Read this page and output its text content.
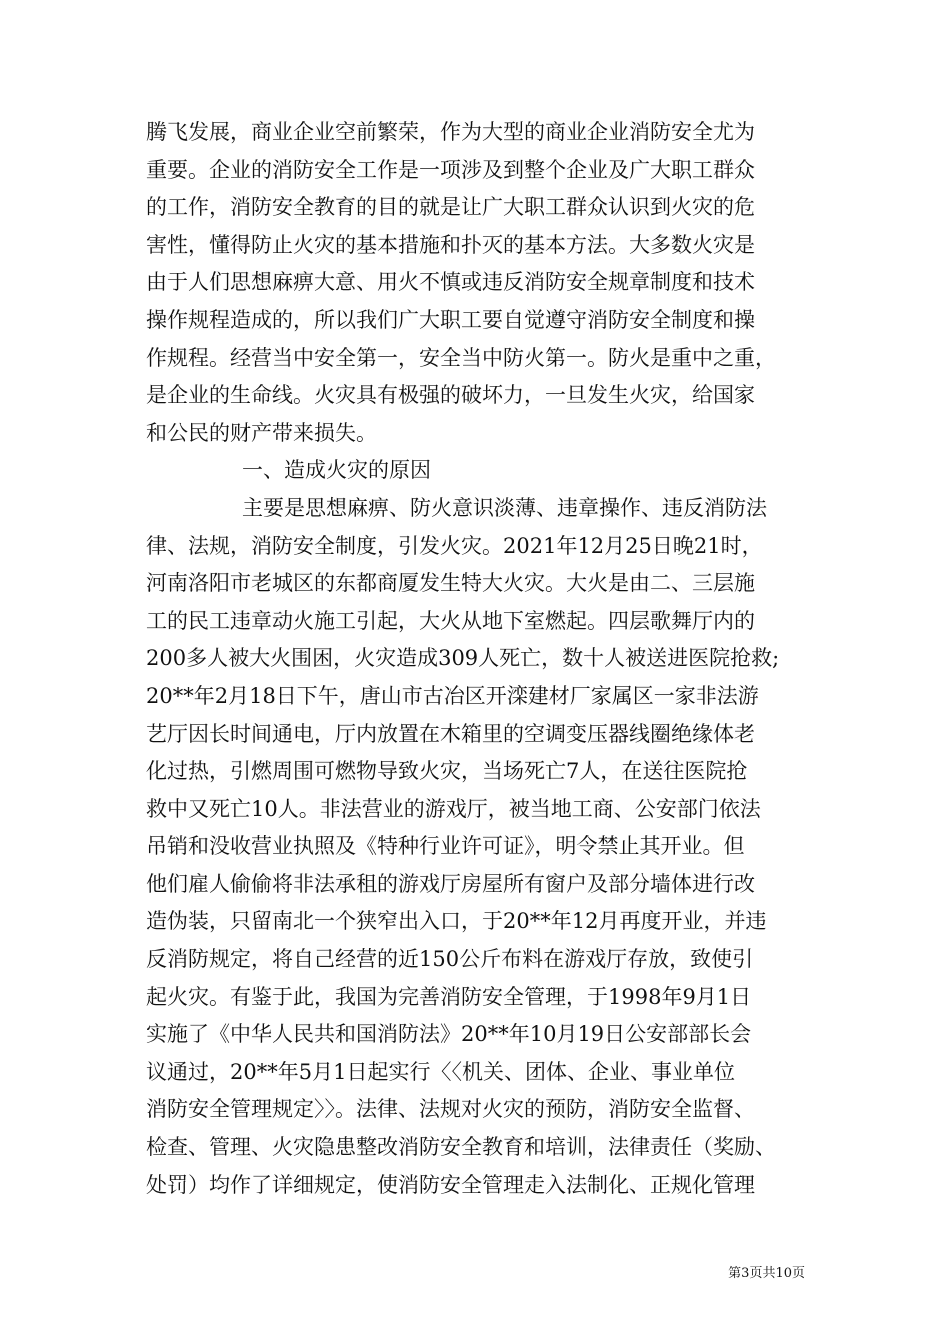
腾飞发展，商业企业空前繁荣，作为大型的商业企业消防安全尤为
重要。企业的消防安全工作是一项涉及到整个企业及广大职工群众
的工作，消防安全教育的目的就是让广大职工群众认识到火灾的危
害性，懂得防止火灾的基本措施和扑灭的基本方法。大多数火灾是
由于人们思想麻痹大意、用火不慎或违反消防安全规章制度和技术
操作规程造成的，所以我们广大职工要自觉遵守消防安全制度和操
作规程。经营当中安全第一，安全当中防火第一。防火是重中之重，
是企业的生命线。火灾具有极强的破坏力，一旦发生火灾，给国家
和公民的财产带来损失。
一、造成火灾的原因
主要是思想麻痹、防火意识淡薄、违章操作、违反消防法
律、法规，消防安全制度，引发火灾。2021年12月25日晚21时，
河南洛阳市老城区的东都商厦发生特大火灾。大火是由二、三层施
工的民工违章动火施工引起，大火从地下室燃起。四层歌舞厅内的
200多人被大火围困，火灾造成309人死亡，数十人被送进医院抢救;
20**年2月18日下午，唐山市古冶区开滦建材厂家属区一家非法游
艺厅因长时间通电，厅内放置在木箱里的空调变压器线圈绝缘体老
化过热，引燃周围可燃物导致火灾，当场死亡7人，在送往医院抢
救中又死亡10人。非法营业的游戏厅，被当地工商、公安部门依法
吊销和没收营业执照及《特种行业许可证》，明令禁止其开业。但
他们雇人偷偷将非法承租的游戏厅房屋所有窗户及部分墙体进行改
造伪装，只留南北一个狭窄出入口，于20**年12月再度开业，并违
反消防规定，将自己经营的近150公斤布料在游戏厅存放，致使引
起火灾。有鉴于此，我国为完善消防安全管理，于1998年9月1日
实施了《中华人民共和国消防法》20**年10月19日公安部部长会
议通过，20**年5月1日起实行〈〈机关、团体、企业、事业单位
消防安全管理规定〉〉。法律、法规对火灾的预防，消防安全监督、
检查、管理、火灾隐患整改消防安全教育和培训，法律责任（奖励、
处罚）均作了详细规定，使消防安全管理走入法制化、正规化管理
第3页共10页
